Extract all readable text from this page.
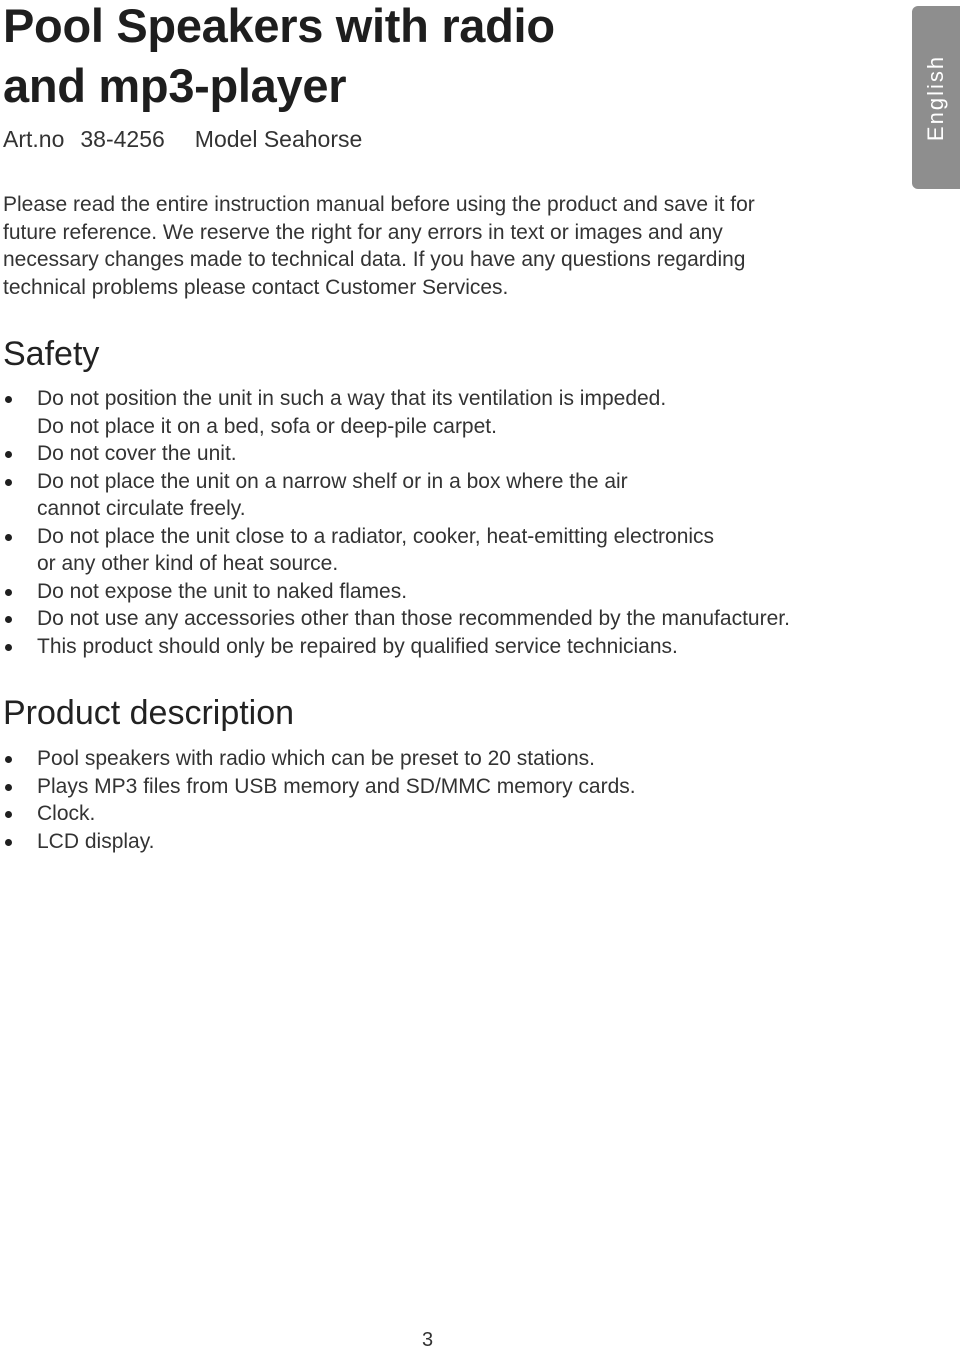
Pool Speakers with radio
and mp3-player
Art.no 38-4256 Model Seahorse	English
Please read the entire instruction manual before using the product and save it for
future reference. We reserve the right for any errors in text or images and any
necessary changes made to technical data. If you have any questions regarding
technical problems please contact Customer Services.
Safety
Do not position the unit in such a way that its ventilation is impeded.
Do not place it on a bed, sofa or deep-pile carpet.
Do not cover the unit.
Do not place the unit on a narrow shelf or in a box where the air
cannot circulate freely.
Do not place the unit close to a radiator, cooker, heat-emitting electronics
or any other kind of heat source.
Do not expose the unit to naked flames.
Do not use any accessories other than those recommended by the manufacturer.
This product should only be repaired by qualified service technicians.
Product description
Pool speakers with radio which can be preset to 20 stations.
Plays MP3 files from USB memory and SD/MMC memory cards.
Clock.
LCD display.
3
